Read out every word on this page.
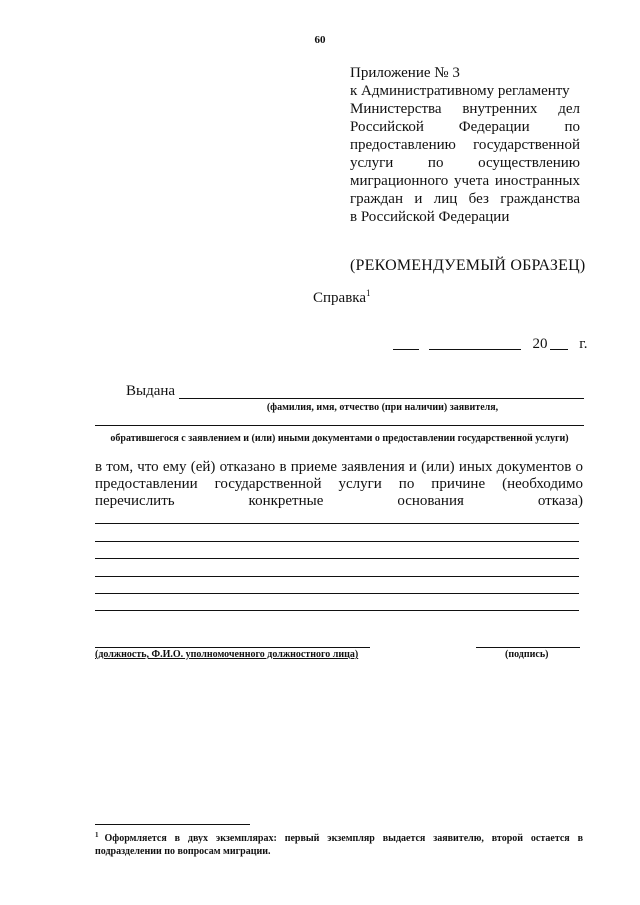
60
Приложение № 3
к Административному регламенту
Министерства внутренних дел
Российской Федерации по
предоставлению государственной
услуги по осуществлению
миграционного учета иностранных
граждан и лиц без гражданства
в Российской Федерации
(РЕКОМЕНДУЕМЫЙ ОБРАЗЕЦ)
Справка$^1$
20 г.
Выдана
(фамилия, имя, отчество (при наличии) заявителя,
обратившегося с заявлением и (или) иными документами о предоставлении государственной услуги)
в том, что ему (ей) отказано в приеме заявления и (или) иных документов о
предоставлении государственной услуги по причине (необходимо
перечислить конкретные основания отказа)
(должность, Ф.И.О. уполномоченного должностного лица)	(подпись)
$^1$ Оформляется в двух экземплярах: первый экземпляр выдается заявителю, второй остается в
подразделении по вопросам миграции.
